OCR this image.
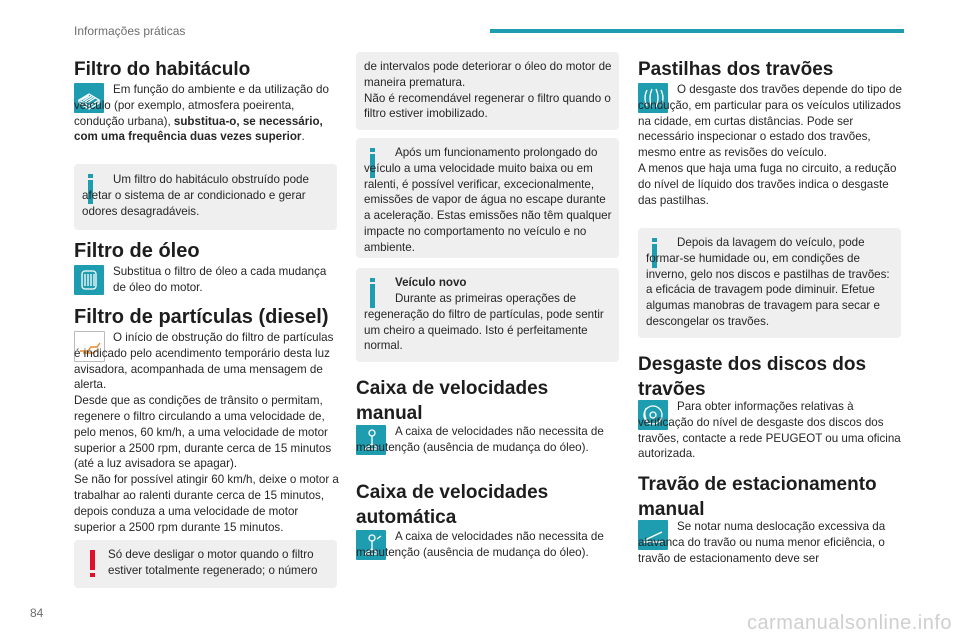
Informações práticas
Filtro do habitáculo
Em função do ambiente e da utilização do veículo (por exemplo, atmosfera poeirenta, condução urbana), substitua-o, se necessário, com uma frequência duas vezes superior.
Um filtro do habitáculo obstruído pode afetar o sistema de ar condicionado e gerar odores desagradáveis.
Filtro de óleo
Substitua o filtro de óleo a cada mudança de óleo do motor.
Filtro de partículas (diesel)
O início de obstrução do filtro de partículas é indicado pelo acendimento temporário desta luz avisadora, acompanhada de uma mensagem de alerta.
Desde que as condições de trânsito o permitam, regenere o filtro circulando a uma velocidade de, pelo menos, 60 km/h, a uma velocidade de motor superior a 2500 rpm, durante cerca de 15 minutos (até a luz avisadora se apagar).
Se não for possível atingir 60 km/h, deixe o motor a trabalhar ao ralenti durante cerca de 15 minutos, depois conduza a uma velocidade de motor superior a 2500 rpm durante 15 minutos.
Só deve desligar o motor quando o filtro estiver totalmente regenerado; o número
de intervalos pode deteriorar o óleo do motor de maneira prematura.
Não é recomendável regenerar o filtro quando o filtro estiver imobilizado.
Após um funcionamento prolongado do veículo a uma velocidade muito baixa ou em ralenti, é possível verificar, excecionalmente, emissões de vapor de água no escape durante a aceleração. Estas emissões não têm qualquer impacte no comportamento no veículo e no ambiente.
Veículo novo
Durante as primeiras operações de regeneração do filtro de partículas, pode sentir um cheiro a queimado. Isto é perfeitamente normal.
Caixa de velocidades manual
A caixa de velocidades não necessita de manutenção (ausência de mudança do óleo).
Caixa de velocidades automática
A caixa de velocidades não necessita de manutenção (ausência de mudança do óleo).
Pastilhas dos travões
O desgaste dos travões depende do tipo de condução, em particular para os veículos utilizados na cidade, em curtas distâncias. Pode ser necessário inspecionar o estado dos travões, mesmo entre as revisões do veículo.
A menos que haja uma fuga no circuito, a redução do nível de líquido dos travões indica o desgaste das pastilhas.
Depois da lavagem do veículo, pode formar-se humidade ou, em condições de inverno, gelo nos discos e pastilhas de travões: a eficácia de travagem pode diminuir. Efetue algumas manobras de travagem para secar e descongelar os travões.
Desgaste dos discos dos travões
Para obter informações relativas à verificação do nível de desgaste dos discos dos travões, contacte a rede PEUGEOT ou uma oficina autorizada.
Travão de estacionamento manual
Se notar numa deslocação excessiva da alavanca do travão ou numa menor eficiência, o travão de estacionamento deve ser
84	carmanualsonline.info
